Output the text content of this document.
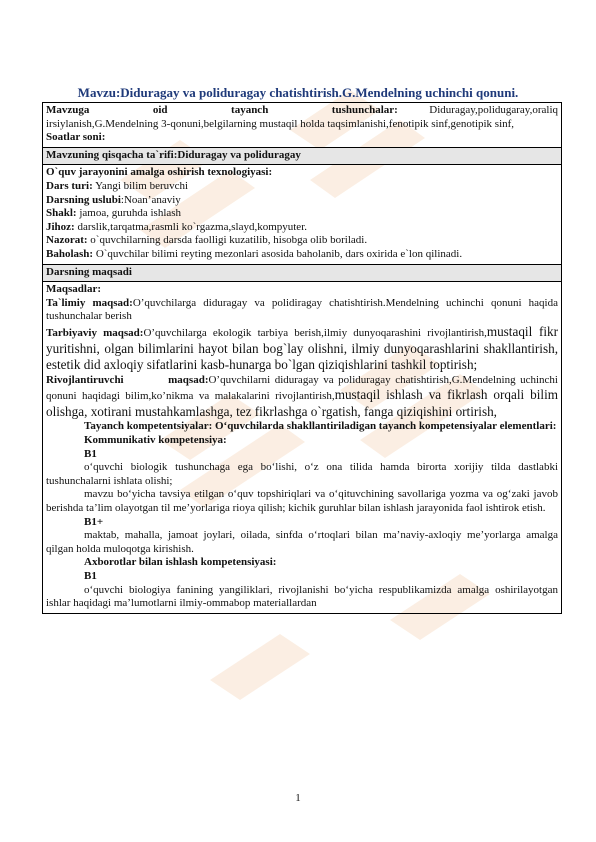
Mavzu:Diduragay va poliduragay chatishtirish.G.Mendelning uchinchi qonuni.
Mavzuga oid tayanch tushunchalar: Diduragay,polidugaray,oraliq irsiylanish,G.Mendelning 3-qonuni,belgilarning mustaqil holda taqsimlanishi,fenotipik sinf,genotipik sinf,
Soatlar soni:
Mavzuning qisqacha ta`rifi:Diduragay va poliduragay
O`quv jarayonini amalga oshirish texnologiyasi:
Dars turi: Yangi bilim beruvchi
Darsning uslubi:Noan’anaviy
Shakl: jamoa, guruhda ishlash
Jihoz: darslik,tarqatma,rasmli ko`rgazma,slayd,kompyuter.
Nazorat: o`quvchilarning darsda faolligi kuzatilib, hisobga olib boriladi.
Baholash: O`quvchilar bilimi reyting mezonlari asosida baholanib, dars oxirida e`lon qilinadi.
Darsning maqsadi
Maqsadlar:
Ta`limiy maqsad:O’quvchilarga diduragay va polidiragay chatishtirish.Mendelning uchinchi qonuni haqida tushunchalar berish
Tarbiyaviy maqsad:O’quvchilarga ekologik tarbiya berish,ilmiy dunyoqarashini rivojlantirish,mustaqil fikr yuritishni, olgan bilimlarini hayot bilan bog`lay olishni, ilmiy dunyoqarashlarini shakllantirish, estetik did axloqiy sifatlarini kasb-hunarga bo`lgan qiziqishlarini tashkil toptirish;
Rivojlantiruvchi maqsad:O’quvchilarni diduragay va poliduragay chatishtirish,G.Mendelning uchinchi qonuni haqidagi bilim,ko’nikma va malakalarini rivojlantirish,mustaqil ishlash va fikrlash orqali bilim olishga, xotirani mustahkamlashga, tez fikrlashga o`rgatish, fanga qiziqishini ortirish,
Tayanch kompetentsiyalar: O‘quvchilarda shakllantiriladigan tayanch kompetensiyalar elementlari:
Kommunikativ kompetensiya:
B1
o‘quvchi biologik tushunchaga ega bo‘lishi, o‘z ona tilida hamda birorta xorijiy tilda dastlabki tushunchalarni ishlata olishi;
mavzu bo‘yicha tavsiya etilgan o‘quv topshiriqlari va o‘qituvchining savollariga yozma va og‘zaki javob berishda ta’lim olayotgan til me’yorlariga rioya qilish; kichik guruhlar bilan ishlash jarayonida faol ishtirok etish.
B1+
maktab, mahalla, jamoat joylari, oilada, sinfda o‘rtoqlari bilan ma’naviy-axloqiy me’yorlarga amalga qilgan holda muloqotga kirishish.
Axborotlar bilan ishlash kompetensiyasi:
B1
o‘quvchi biologiya fanining yangiliklari, rivojlanishi bo‘yicha respublikamizda amalga oshirilayotgan ishlar haqidagi ma’lumotlarni ilmiy-ommabop materiallardan
1
